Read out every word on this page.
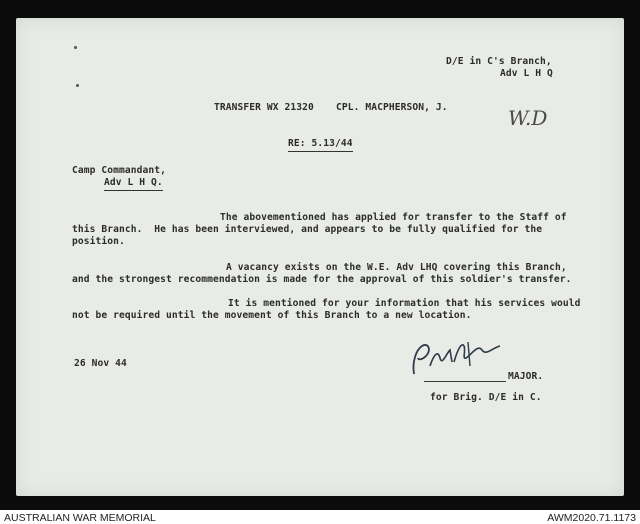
D/E in C's Branch,
Adv L H Q
TRANSFER WX 21320 CPL. MACPHERSON, J.	W.D
RE: 5.13/44
Camp Commandant,
Adv L H Q.
The abovementioned has applied for transfer to the Staff of
this Branch.  He has been interviewed, and appears to be fully qualified for the
position.
A vacancy exists on the W.E. Adv LHQ covering this Branch,
and the strongest recommendation is made for the approval of this soldier's transfer.
It is mentioned for your information that his services would
not be required until the movement of this Branch to a new location.
26 Nov 44
MAJOR.
for Brig. D/E in C.
AUSTRALIAN WAR MEMORIAL	AWM2020.71.1173
